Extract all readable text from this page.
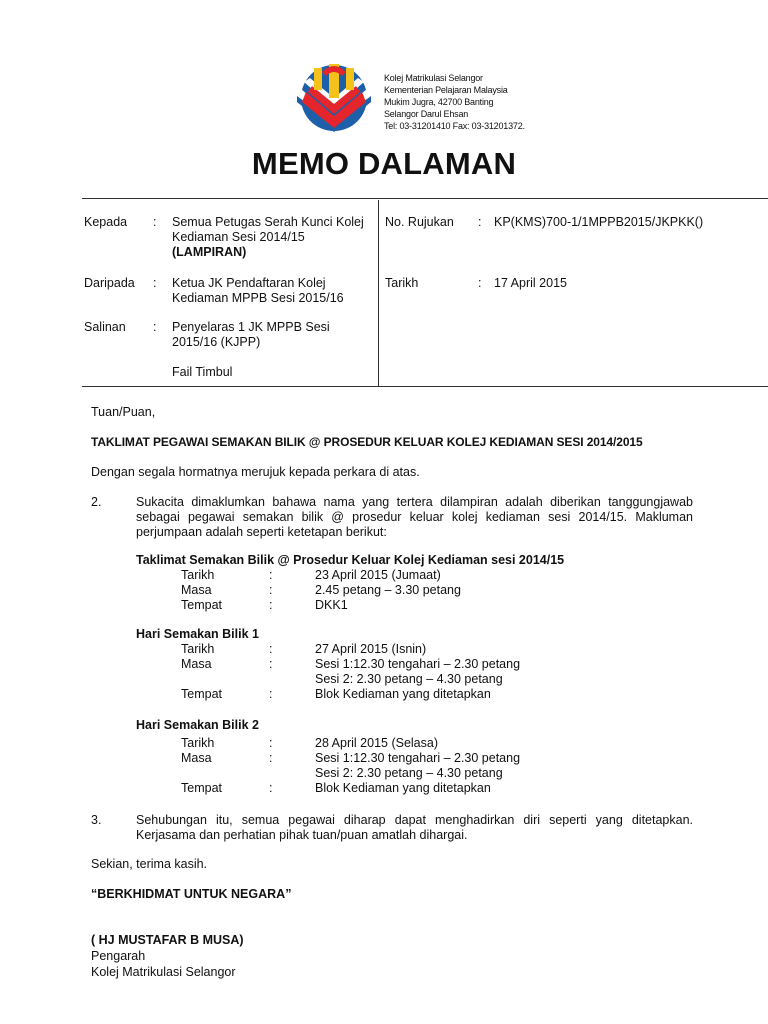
Kolej Matrikulasi Selangor
Kementerian Pelajaran Malaysia
Mukim Jugra, 42700 Banting
Selangor Darul Ehsan
Tel: 03-31201410 Fax: 03-31201372.
MEMO DALAMAN
Kepada : Semua Petugas Serah Kunci Kolej Kediaman Sesi 2014/15
(LAMPIRAN)
Daripada : Ketua JK Pendaftaran Kolej Kediaman MPPB Sesi 2015/16
Salinan : Penyelaras 1 JK MPPB Sesi 2015/16 (KJPP)
Fail Timbul
No. Rujukan : KP(KMS)700-1/1MPPB2015/JKPKK()
Tarikh	: 17 April 2015
Tuan/Puan,
TAKLIMAT PEGAWAI SEMAKAN BILIK @ PROSEDUR KELUAR KOLEJ KEDIAMAN SESI 2014/2015
Dengan segala hormatnya merujuk kepada perkara di atas.
2.	Sukacita dimaklumkan bahawa nama yang tertera dilampiran adalah diberikan tanggungjawab
sebagai pegawai semakan bilik @ prosedur keluar kolej kediaman sesi 2014/15. Makluman
perjumpaan adalah seperti ketetapan berikut:
Taklimat Semakan Bilik @ Prosedur Keluar Kolej Kediaman sesi 2014/15
Tarikh	:	23 April 2015 (Jumaat)
Masa	:	2.45 petang – 3.30 petang
Tempat	:	DKK1
Hari Semakan Bilik 1
Tarikh	:	27 April 2015 (Isnin)
Masa	:	Sesi 1:12.30 tengahari – 2.30 petang
Sesi 2: 2.30 petang – 4.30 petang
Tempat	:	Blok Kediaman yang ditetapkan
Hari Semakan Bilik 2
Tarikh	:	28 April 2015 (Selasa)
Masa	:	Sesi 1:12.30 tengahari – 2.30 petang
Sesi 2: 2.30 petang – 4.30 petang
Tempat	:	Blok Kediaman yang ditetapkan
3.	Sehubungan itu, semua pegawai diharap dapat menghadirkan diri seperti yang ditetapkan.
Kerjasama dan perhatian pihak tuan/puan amatlah dihargai.
Sekian, terima kasih.
“BERKHIDMAT UNTUK NEGARA”
( HJ MUSTAFAR B MUSA)
Pengarah
Kolej Matrikulasi Selangor
